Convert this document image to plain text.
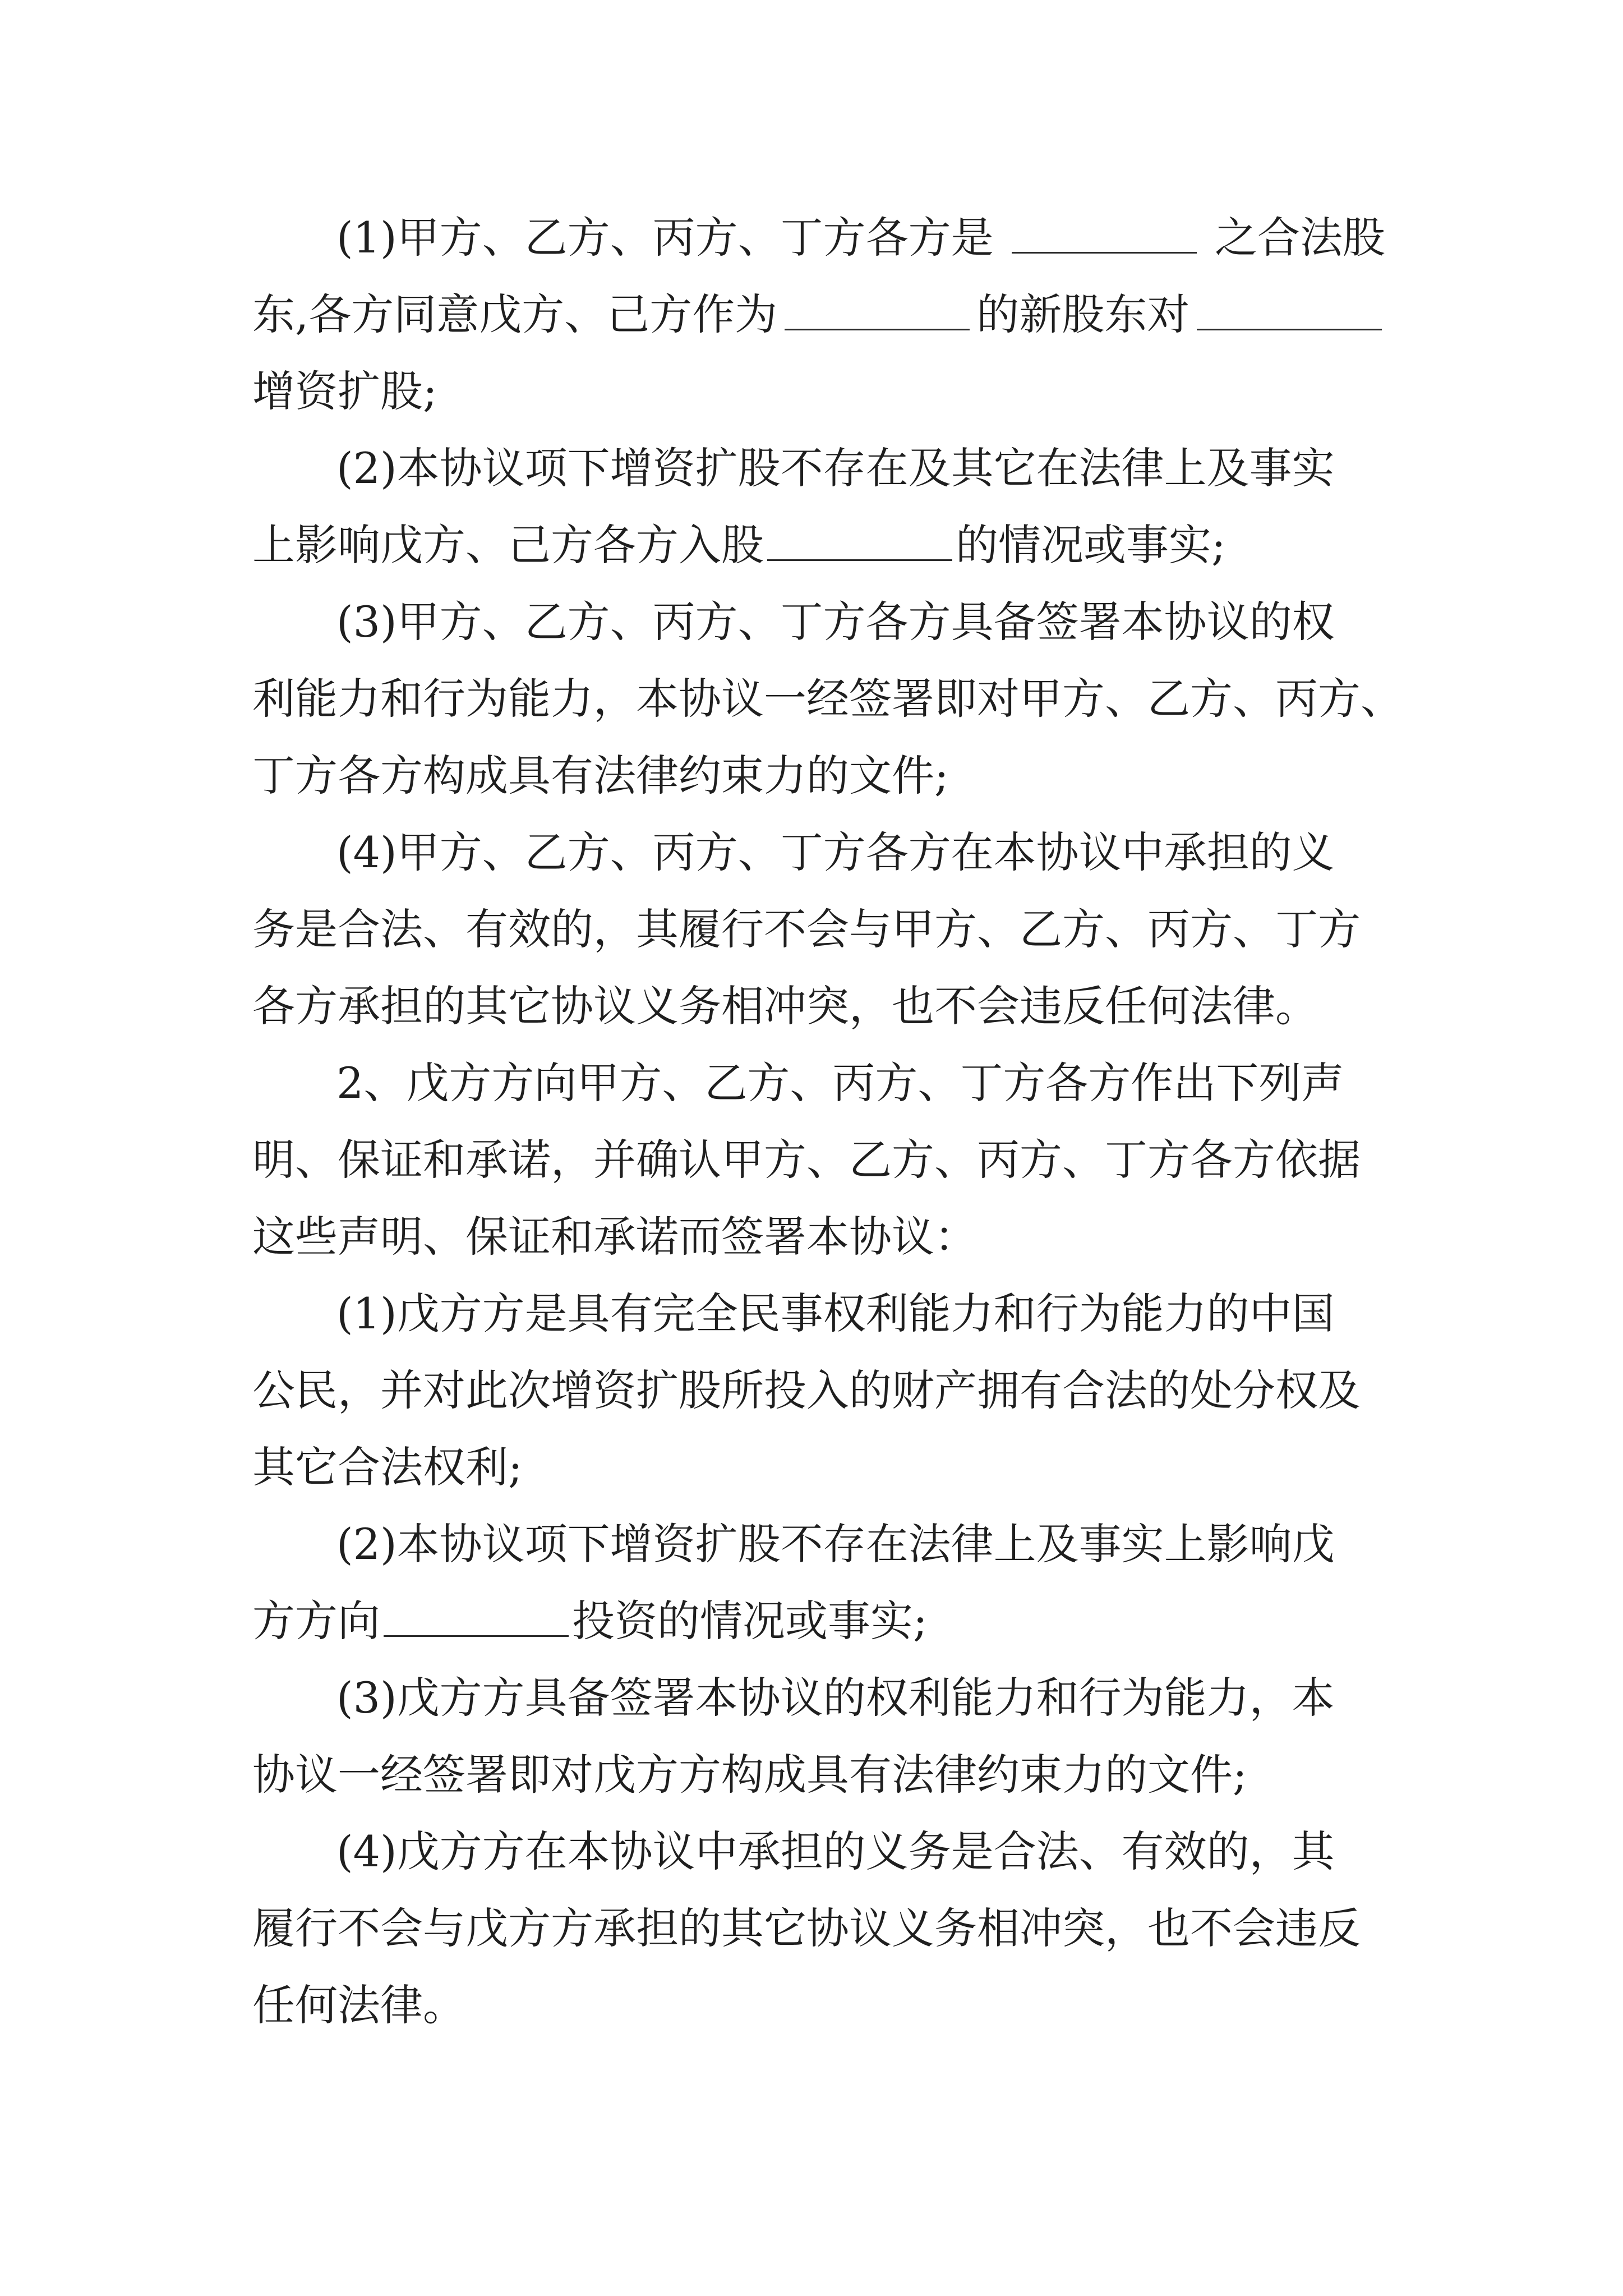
(1)甲方、乙方、丙方、丁方各方是	之合法股
东,各方同意戊方、己方作为	的新股东对
增资扩股;
(2)本协议项下增资扩股不存在及其它在法律上及事实
上影响戊方、己方各方入股	的情况或事实;
(3)甲方、乙方、丙方、丁方各方具备签署本协议的权
利能力和行为能力，本协议一经签署即对甲方、乙方、丙方、
丁方各方构成具有法律约束力的文件;
(4)甲方、乙方、丙方、丁方各方在本协议中承担的义
务是合法、有效的，其履行不会与甲方、乙方、丙方、丁方
各方承担的其它协议义务相冲突，也不会违反任何法律。
2、戊方方向甲方、乙方、丙方、丁方各方作出下列声
明、保证和承诺，并确认甲方、乙方、丙方、丁方各方依据
这些声明、保证和承诺而签署本协议：
(1)戊方方是具有完全民事权利能力和行为能力的中国
公民，并对此次增资扩股所投入的财产拥有合法的处分权及
其它合法权利;
(2)本协议项下增资扩股不存在法律上及事实上影响戊
方方向	投资的情况或事实;
(3)戊方方具备签署本协议的权利能力和行为能力，本
协议一经签署即对戊方方构成具有法律约束力的文件;
(4)戊方方在本协议中承担的义务是合法、有效的，其
履行不会与戊方方承担的其它协议义务相冲突，也不会违反
任何法律。
